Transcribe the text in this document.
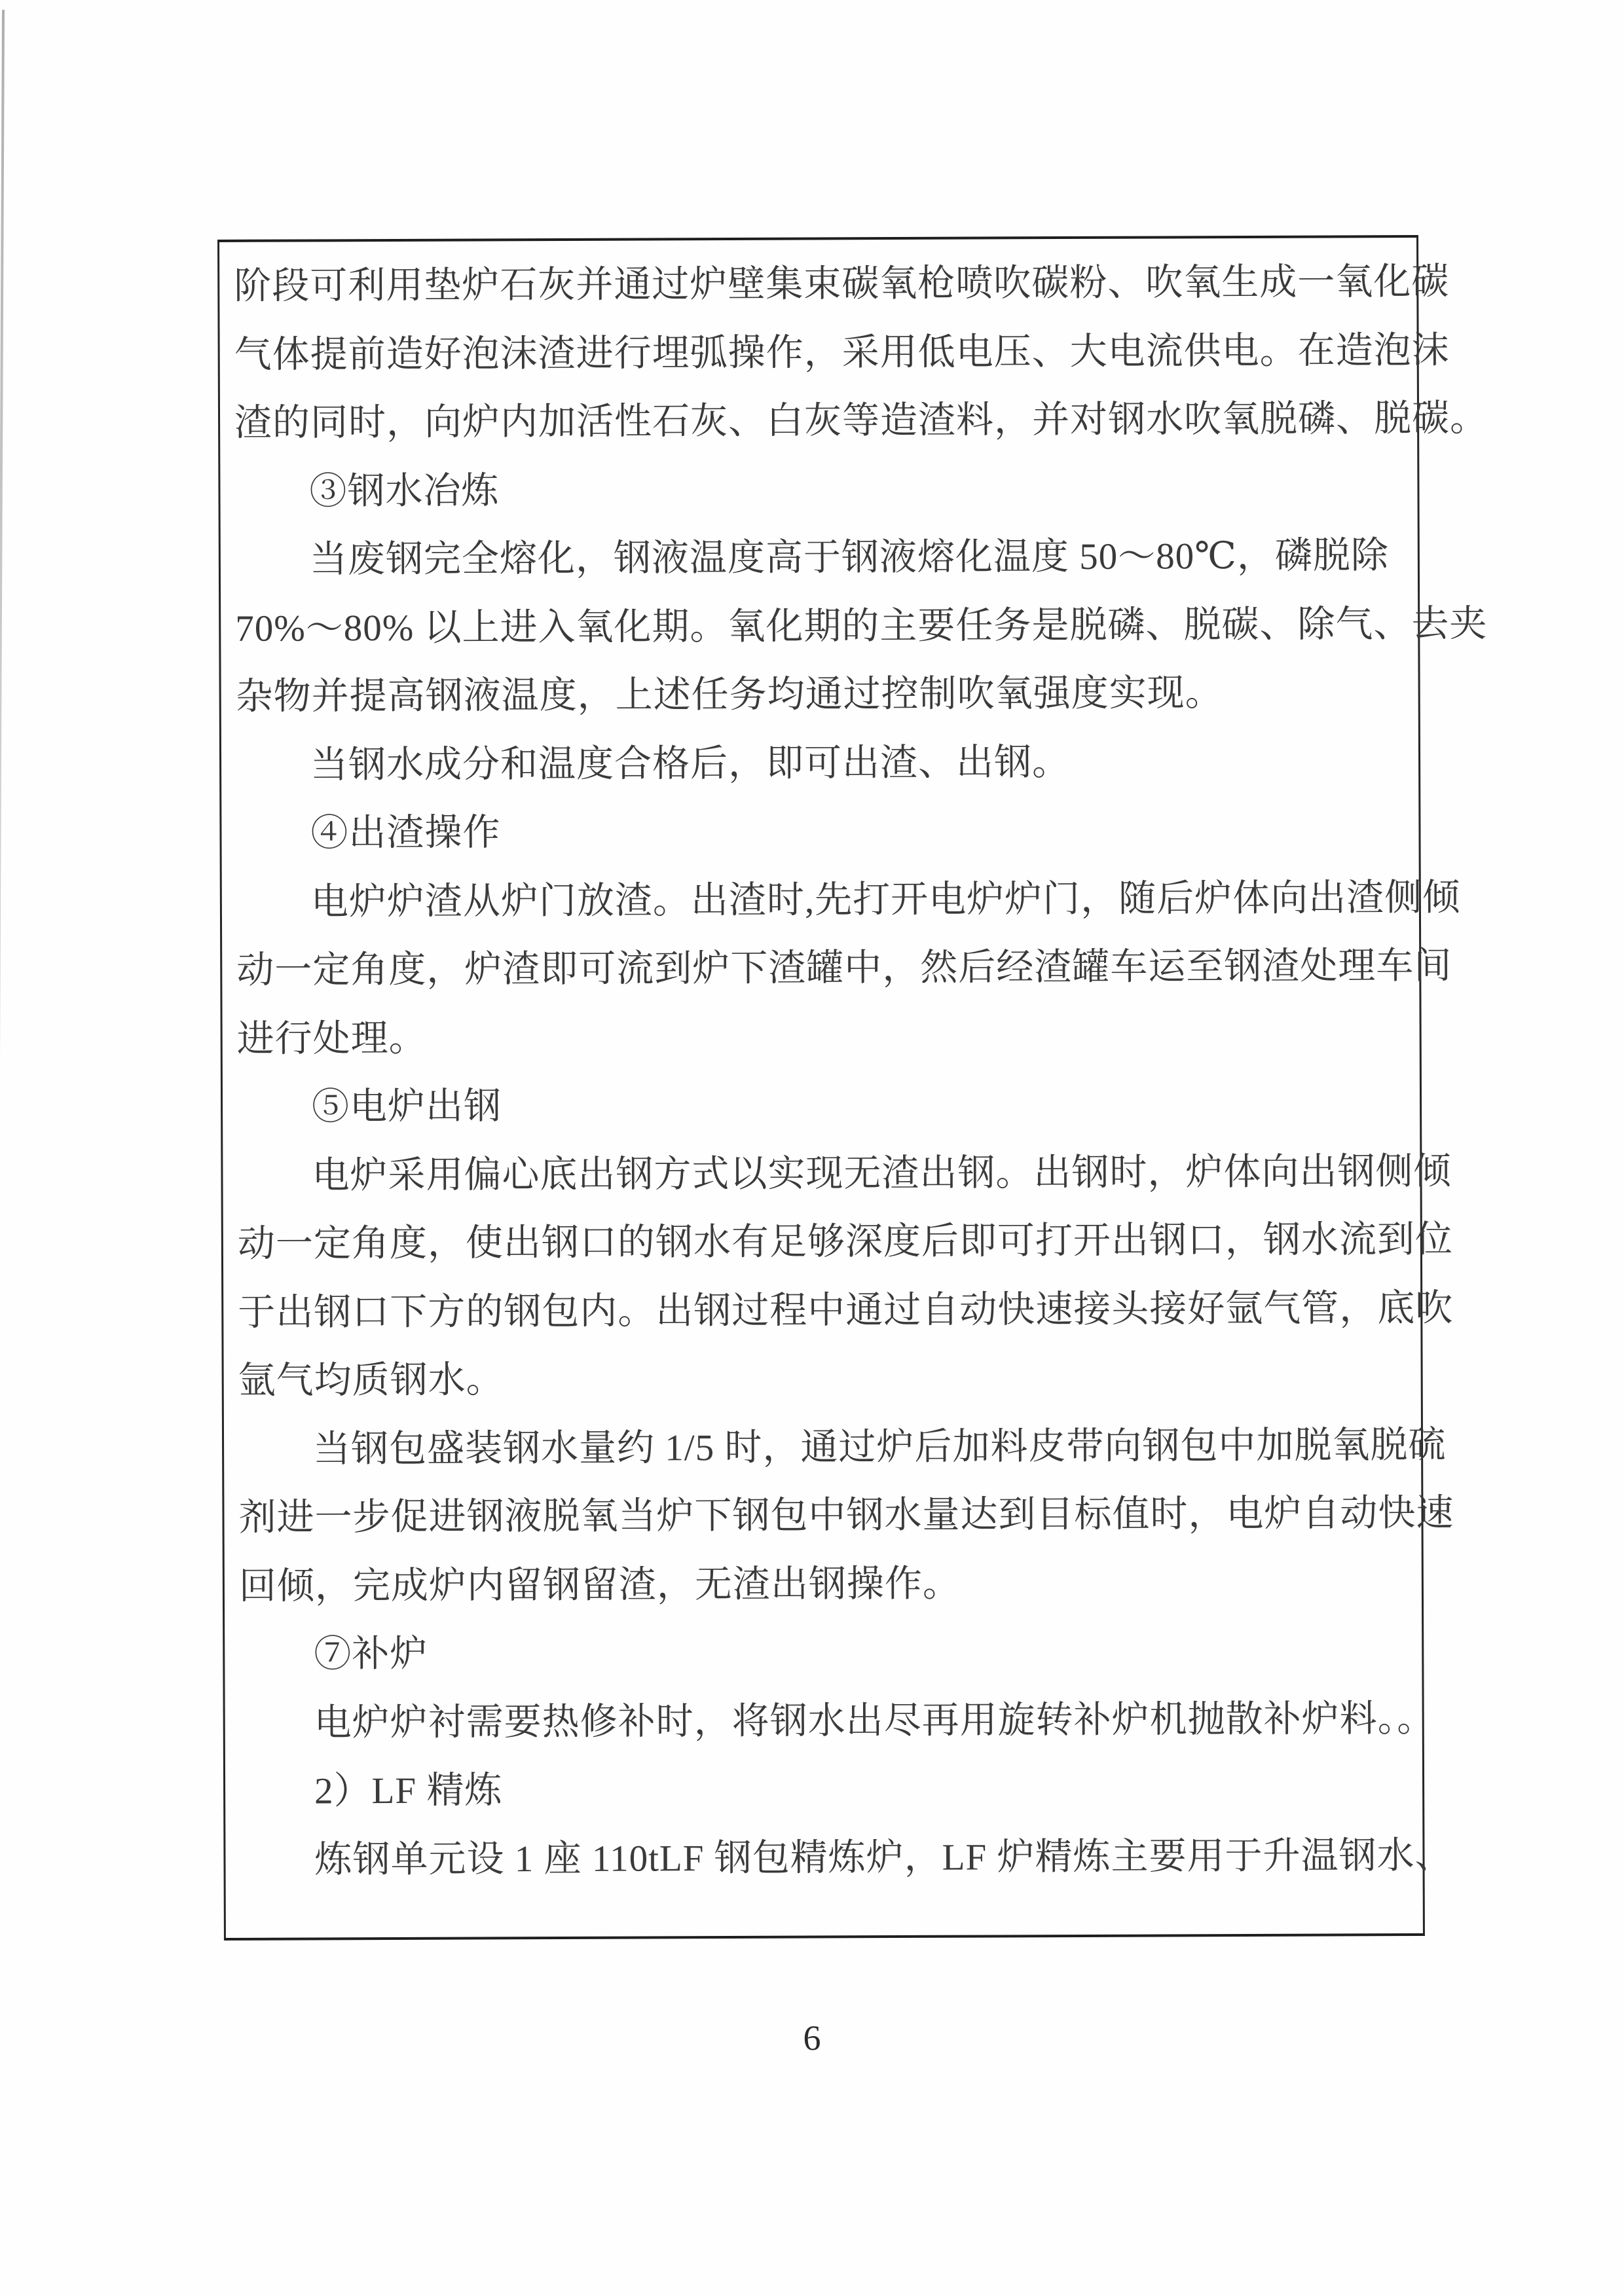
阶段可利用垫炉石灰并通过炉壁集束碳氧枪喷吹碳粉、吹氧生成一氧化碳
气体提前造好泡沫渣进行埋弧操作，采用低电压、大电流供电。在造泡沫
渣的同时，向炉内加活性石灰、白灰等造渣料，并对钢水吹氧脱磷、脱碳。
③钢水冶炼
当废钢完全熔化，钢液温度高于钢液熔化温度 50～80℃，磷脱除
70%～80% 以上进入氧化期。氧化期的主要任务是脱磷、脱碳、除气、去夹
杂物并提高钢液温度，上述任务均通过控制吹氧强度实现。
当钢水成分和温度合格后，即可出渣、出钢。
④出渣操作
电炉炉渣从炉门放渣。出渣时,先打开电炉炉门，随后炉体向出渣侧倾
动一定角度，炉渣即可流到炉下渣罐中，然后经渣罐车运至钢渣处理车间
进行处理。
⑤电炉出钢
电炉采用偏心底出钢方式以实现无渣出钢。出钢时，炉体向出钢侧倾
动一定角度，使出钢口的钢水有足够深度后即可打开出钢口，钢水流到位
于出钢口下方的钢包内。出钢过程中通过自动快速接头接好氩气管，底吹
氩气均质钢水。
当钢包盛装钢水量约 1/5 时，通过炉后加料皮带向钢包中加脱氧脱硫
剂进一步促进钢液脱氧当炉下钢包中钢水量达到目标值时，电炉自动快速
回倾，完成炉内留钢留渣，无渣出钢操作。
⑦补炉
电炉炉衬需要热修补时，将钢水出尽再用旋转补炉机抛散补炉料。。
2）LF 精炼
炼钢单元设 1 座 110tLF 钢包精炼炉，LF 炉精炼主要用于升温钢水、
6
